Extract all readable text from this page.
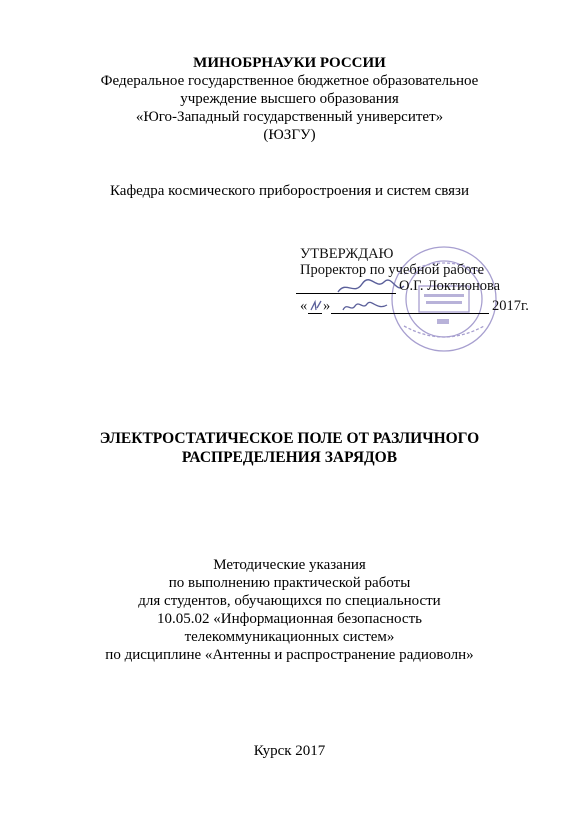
МИНОБРНАУКИ РОССИИ
Федеральное государственное бюджетное образовательное
учреждение высшего образования
«Юго-Западный государственный университет»
(ЮЗГУ)
Кафедра космического приборостроения и систем связи
УТВЕРЖДАЮ
Проректор по учебной работе
О.Г. Локтионова
« »	2017г.
ЭЛЕКТРОСТАТИЧЕСКОЕ ПОЛЕ ОТ РАЗЛИЧНОГО
РАСПРЕДЕЛЕНИЯ ЗАРЯДОВ
Методические указания
по выполнению практической работы
для студентов, обучающихся по специальности
10.05.02 «Информационная безопасность
телекоммуникационных систем»
по дисциплине «Антенны и распространение радиоволн»
Курск 2017
